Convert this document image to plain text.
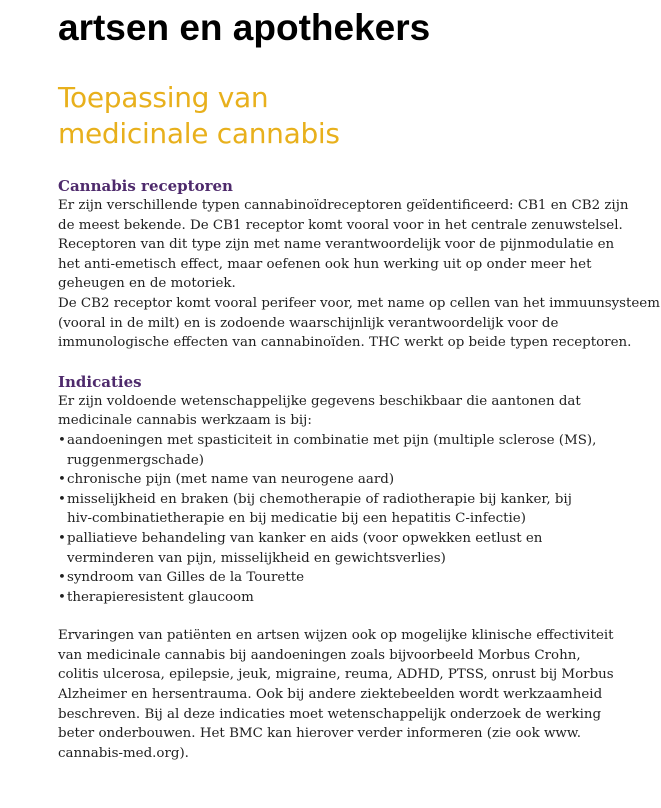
artsen en apothekers
Toepassing van
medicinale cannabis
Cannabis receptoren

Er zijn verschillende typen cannabinoïdreceptoren geïdentificeerd: CB1 en CB2 zijn
de meest bekende. De CB1 receptor komt vooral voor in het centrale zenuwstelsel.
Receptoren van dit type zijn met name verantwoordelijk voor de pijnmodulatie en
het anti-emetisch effect, maar oefenen ook hun werking uit op onder meer het
geheugen en de motoriek.

De CB2 receptor komt vooral perifeer voor, met name op cellen van het immuunsysteem
(vooral in de milt) en is zodoende waarschijnlijk verantwoordelijk voor de
immunologische effecten van cannabinoïden. THC werkt op beide typen receptoren.

Indicaties

Er zijn voldoende wetenschappelijke gegevens beschikbaar die aantonen dat
medicinale cannabis werkzaam is bij:

• aandoeningen met spasticiteit in combinatie met pijn (multiple sclerose (MS),
ruggenmergschade)
• chronische pijn (met name van neurogene aard)
• misselijkheid en braken (bij chemotherapie of radiotherapie bij kanker, bij
hiv-combinatietherapie en bij medicatie bij een hepatitis C-infectie)
• palliatieve behandeling van kanker en aids (voor opwekken eetlust en
verminderen van pijn, misselijkheid en gewichtsverlies)
• syndroom van Gilles de la Tourette
• therapieresistent glaucoom

Ervaringen van patiënten en artsen wijzen ook op mogelijke klinische effectiviteit
van medicinale cannabis bij aandoeningen zoals bijvoorbeeld Morbus Crohn,
colitis ulcerosa, epilepsie, jeuk, migraine, reuma, ADHD, PTSS, onrust bij Morbus
Alzheimer en hersentrauma. Ook bij andere ziektebeelden wordt werkzaamheid
beschreven. Bij al deze indicaties moet wetenschappelijk onderzoek de werking
beter onderbouwen. Het BMC kan hierover verder informeren (zie ook www.
cannabis-med.org).
